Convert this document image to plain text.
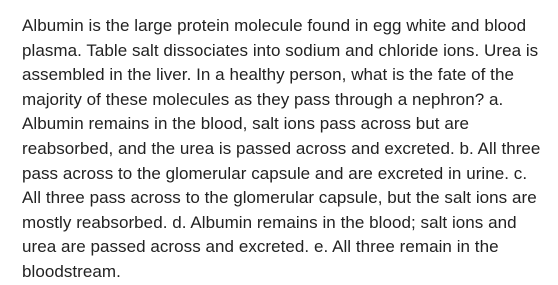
Albumin is the large protein molecule found in egg white and blood plasma. Table salt dissociates into sodium and chloride ions. Urea is assembled in the liver. In a healthy person, what is the fate of the majority of these molecules as they pass through a nephron? a. Albumin remains in the blood, salt ions pass across but are reabsorbed, and the urea is passed across and excreted. b. All three pass across to the glomerular capsule and are excreted in urine. c. All three pass across to the glomerular capsule, but the salt ions are mostly reabsorbed. d. Albumin remains in the blood; salt ions and urea are passed across and excreted. e. All three remain in the bloodstream.
